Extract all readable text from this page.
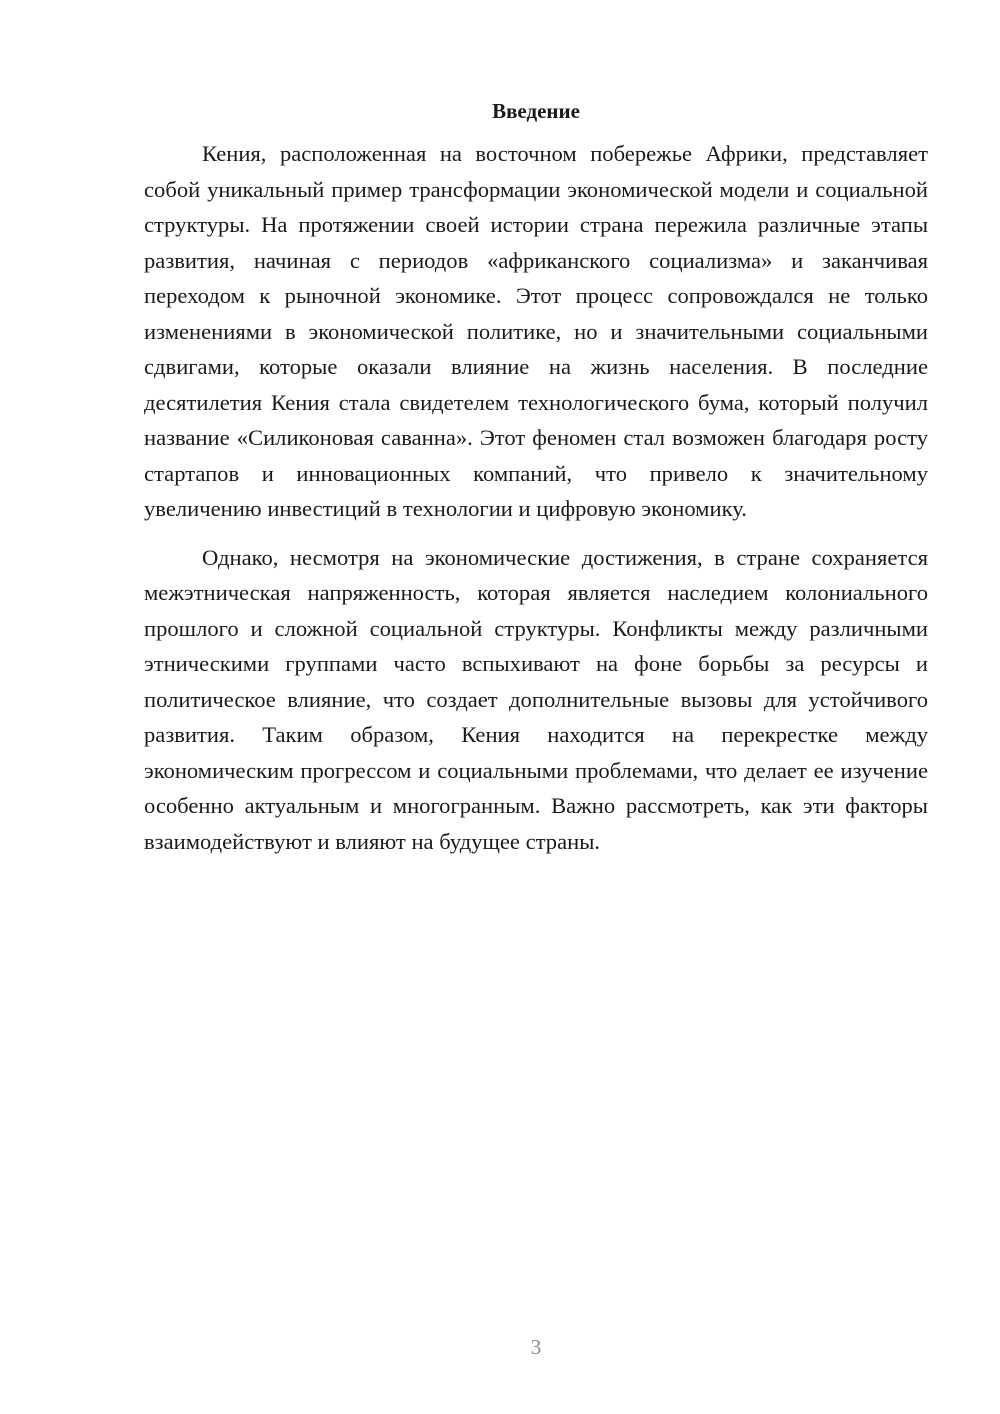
Введение

Кения, расположенная на восточном побережье Африки, представляет собой уникальный пример трансформации экономической модели и социальной структуры. На протяжении своей истории страна пережила различные этапы развития, начиная с периодов «африканского социализма» и заканчивая переходом к рыночной экономике. Этот процесс сопровождался не только изменениями в экономической политике, но и значительными социальными сдвигами, которые оказали влияние на жизнь населения. В последние десятилетия Кения стала свидетелем технологического бума, который получил название «Силиконовая саванна». Этот феномен стал возможен благодаря росту стартапов и инновационных компаний, что привело к значительному увеличению инвестиций в технологии и цифровую экономику.

Однако, несмотря на экономические достижения, в стране сохраняется межэтническая напряженность, которая является наследием колониального прошлого и сложной социальной структуры. Конфликты между различными этническими группами часто вспыхивают на фоне борьбы за ресурсы и политическое влияние, что создает дополнительные вызовы для устойчивого развития. Таким образом, Кения находится на перекрестке между экономическим прогрессом и социальными проблемами, что делает ее изучение особенно актуальным и многогранным. Важно рассмотреть, как эти факторы взаимодействуют и влияют на будущее страны.

3
